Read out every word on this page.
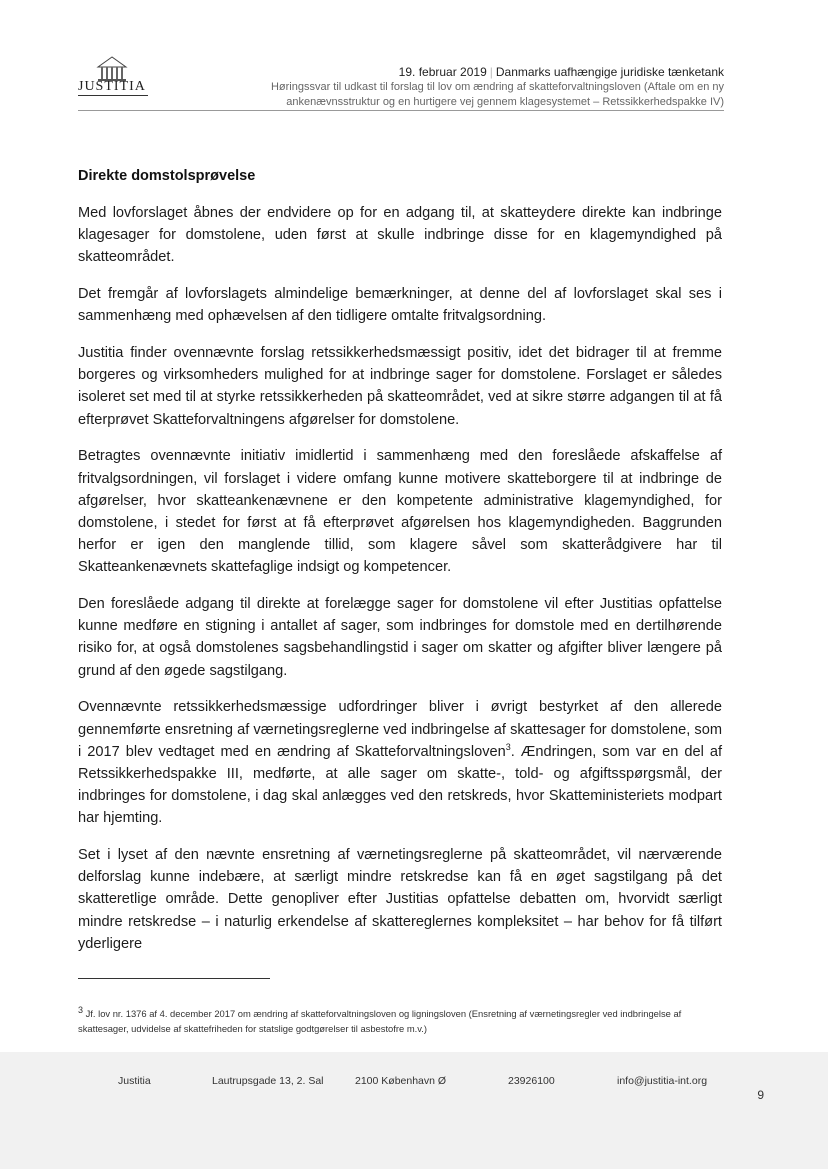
JUSTITIA
19. februar 2019 | Danmarks uafhængige juridiske tænketank
Høringssvar til udkast til forslag til lov om ændring af skatteforvaltningsloven (Aftale om en ny
ankenævnsstruktur og en hurtigere vej gennem klagesystemet – Retssikkerhedspakke IV)
Direkte domstolsprøvelse

Med lovforslaget åbnes der endvidere op for en adgang til, at skatteydere direkte kan indbringe klagesager for domstolene, uden først at skulle indbringe disse for en klagemyndighed på skatteområdet.

Det fremgår af lovforslagets almindelige bemærkninger, at denne del af lovforslaget skal ses i sammenhæng med ophævelsen af den tidligere omtalte fritvalgsordning.

Justitia finder ovennævnte forslag retssikkerhedsmæssigt positiv, idet det bidrager til at fremme borgeres og virksomheders mulighed for at indbringe sager for domstolene. Forslaget er således isoleret set med til at styrke retssikkerheden på skatteområdet, ved at sikre større adgangen til at få efterprøvet Skatteforvaltningens afgørelser for domstolene.

Betragtes ovennævnte initiativ imidlertid i sammenhæng med den foreslåede afskaffelse af fritvalgsordningen, vil forslaget i videre omfang kunne motivere skatteborgere til at indbringe de afgørelser, hvor skatteankenævnene er den kompetente administrative klagemyndighed, for domstolene, i stedet for først at få efterprøvet afgørelsen hos klagemyndigheden. Baggrunden herfor er igen den manglende tillid, som klagere såvel som skatterådgivere har til Skatteankenævnets skattefaglige indsigt og kompetencer.

Den foreslåede adgang til direkte at forelægge sager for domstolene vil efter Justitias opfattelse kunne medføre en stigning i antallet af sager, som indbringes for domstole med en dertilhørende risiko for, at også domstolenes sagsbehandlingstid i sager om skatter og afgifter bliver længere på grund af den øgede sagstilgang.

Ovennævnte retssikkerhedsmæssige udfordringer bliver i øvrigt bestyrket af den allerede gennemførte ensretning af værnetingsreglerne ved indbringelse af skattesager for domstolene, som i 2017 blev vedtaget med en ændring af Skatteforvaltningsloven$^3$. Ændringen, som var en del af Retssikkerhedspakke III, medførte, at alle sager om skatte-, told- og afgiftsspørgsmål, der indbringes for domstolene, i dag skal anlægges ved den retskreds, hvor Skatteministeriets modpart har hjemting.

Set i lyset af den nævnte ensretning af værnetingsreglerne på skatteområdet, vil nærværende delforslag kunne indebære, at særligt mindre retskredse kan få en øget sagstilgang på det skatteretlige område. Dette genopliver efter Justitias opfattelse debatten om, hvorvidt særligt mindre retskredse – i naturlig erkendelse af skattereglernes kompleksitet – har behov for få tilført yderligere

$^3$ Jf. lov nr. 1376 af 4. december 2017 om ændring af skatteforvaltningsloven og ligningsloven (Ensretning af værnetingsregler ved indbringelse af skattesager, udvidelse af skattefriheden for statslige godtgørelser til asbestofre m.v.)
Justitia	Lautrupsgade 13, 2. Sal	2100 København Ø	23926100	info@justitia-int.org
9
